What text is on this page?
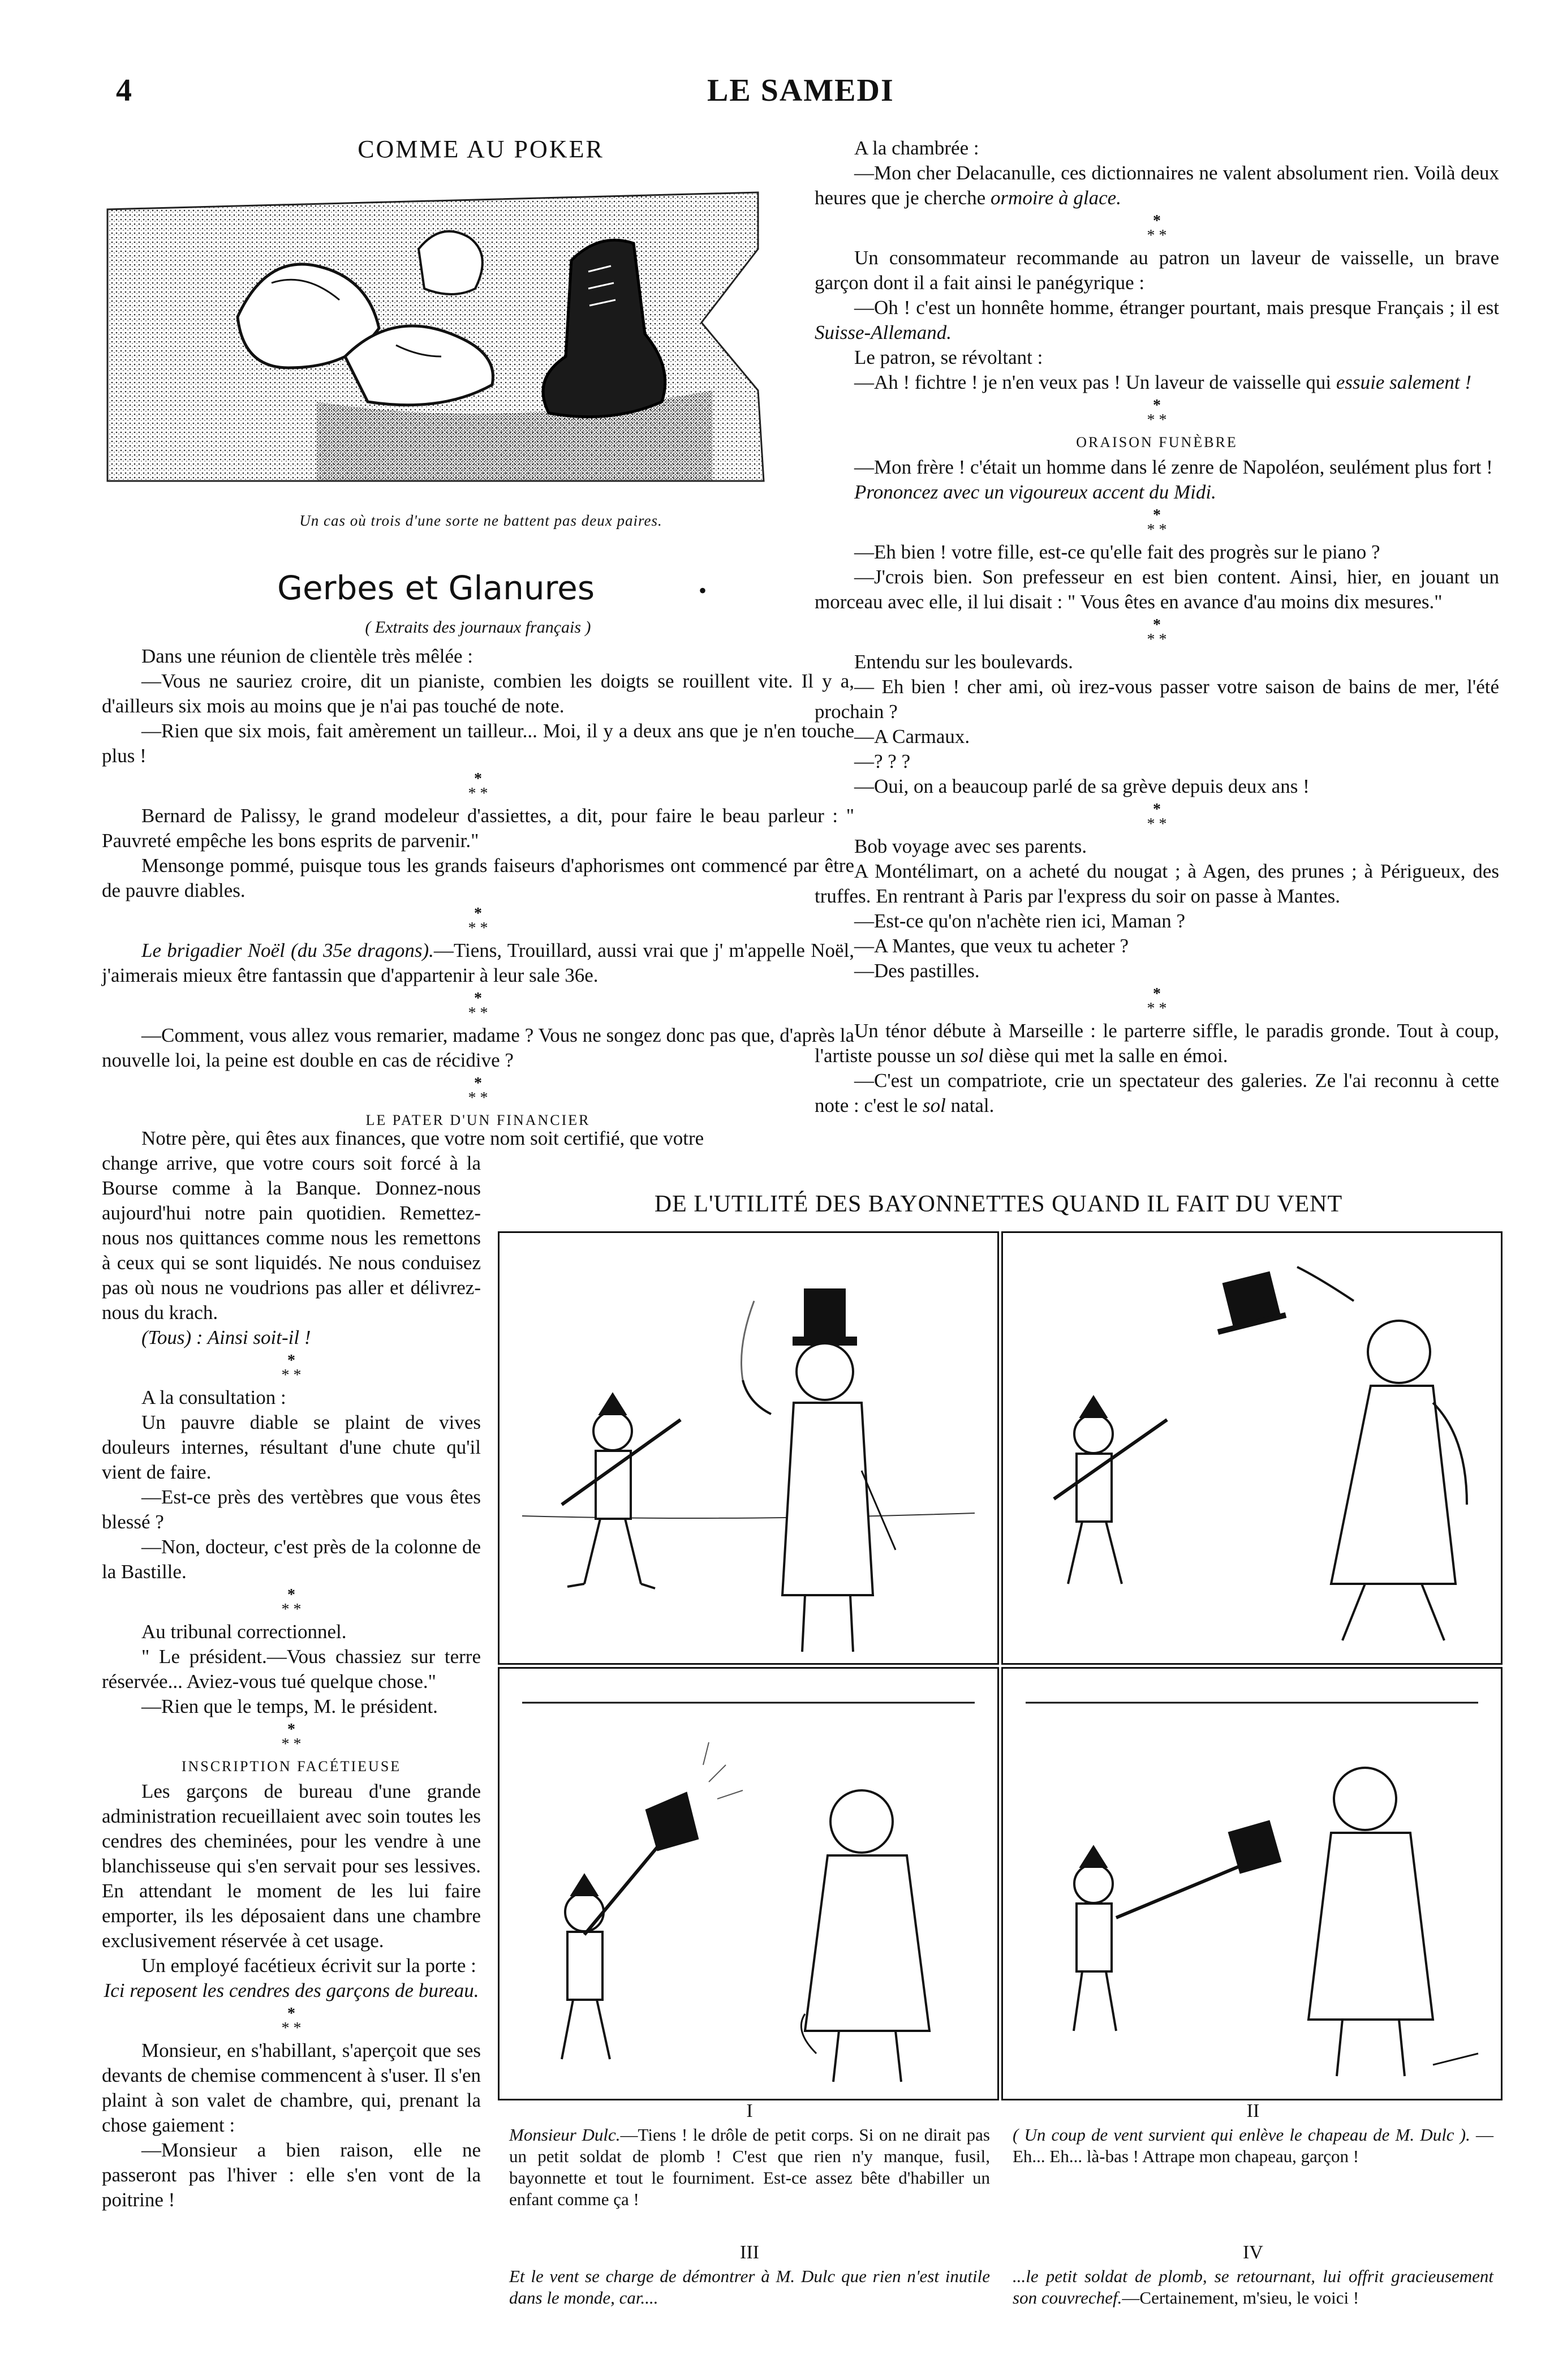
4	LE SAMEDI
COMME AU POKER
Un cas où trois d'une sorte ne battent pas deux paires.
Gerbes et Glanures	•
( Extraits des journaux français )

Dans une réunion de clientèle très mêlée :

—Vous ne sauriez croire, dit un pianiste, combien les doigts se rouillent vite. Il y a, d'ailleurs six mois au moins que je n'ai pas touché de note.

—Rien que six mois, fait amèrement un tailleur... Moi, il y a deux ans que je n'en touche plus !

*
* *

Bernard de Palissy, le grand modeleur d'assiettes, a dit, pour faire le beau parleur : " Pauvreté empêche les bons esprits de parvenir."

Mensonge pommé, puisque tous les grands faiseurs d'aphorismes ont commencé par être de pauvre diables.

*
* *

Le brigadier Noël (du 35e dragons).—Tiens, Trouillard, aussi vrai que j' m'appelle Noël, j'aimerais mieux être fantassin que d'appartenir à leur sale 36e.

*
* *

—Comment, vous allez vous remarier, madame ? Vous ne songez donc pas que, d'après la nouvelle loi, la peine est double en cas de récidive ?

*
* *

LE PATER D'UN FINANCIER

Notre père, qui êtes aux finances, que votre nom soit certifié, que votre

change arrive, que votre cours soit forcé à la Bourse comme à la Banque. Donnez-nous aujourd'hui notre pain quotidien. Remettez-nous nos quittances comme nous les remettons à ceux qui se sont liquidés. Ne nous conduisez pas où nous ne voudrions pas aller et délivrez-nous du krach.

(Tous) : Ainsi soit-il !

*
* *

A la consultation :

Un pauvre diable se plaint de vives douleurs internes, résultant d'une chute qu'il vient de faire.

—Est-ce près des vertèbres que vous êtes blessé ?

—Non, docteur, c'est près de la colonne de la Bastille.

*
* *

Au tribunal correctionnel.

" Le président.—Vous chassiez sur terre réservée... Aviez-vous tué quelque chose."

—Rien que le temps, M. le président.

*
* *

INSCRIPTION FACÉTIEUSE

Les garçons de bureau d'une grande administration recueillaient avec soin toutes les cendres des cheminées, pour les vendre à une blanchisseuse qui s'en servait pour ses lessives. En attendant le moment de les lui faire emporter, ils les déposaient dans une chambre exclusivement réservée à cet usage.

Un employé facétieux écrivit sur la porte :

Ici reposent les cendres des garçons de bureau.

*
* *

Monsieur, en s'habillant, s'aperçoit que ses devants de chemise commencent à s'user. Il s'en plaint à son valet de chambre, qui, prenant la chose gaiement :

—Monsieur a bien raison, elle ne passeront pas l'hiver : elle s'en vont de la poitrine !

A la chambrée :

—Mon cher Delacanulle, ces dictionnaires ne valent absolument rien. Voilà deux heures que je cherche ormoire à glace.

*
* *

Un consommateur recommande au patron un laveur de vaisselle, un brave garçon dont il a fait ainsi le panégyrique :

—Oh ! c'est un honnête homme, étranger pourtant, mais presque Français ; il est Suisse-Allemand.

Le patron, se révoltant :

—Ah ! fichtre ! je n'en veux pas ! Un laveur de vaisselle qui essuie salement !

*
* *

ORAISON FUNÈBRE

—Mon frère ! c'était un homme dans lé zenre de Napoléon, seulément plus fort !

Prononcez avec un vigoureux accent du Midi.

*
* *

—Eh bien ! votre fille, est-ce qu'elle fait des progrès sur le piano ?

—J'crois bien. Son prefesseur en est bien content. Ainsi, hier, en jouant un morceau avec elle, il lui disait : " Vous êtes en avance d'au moins dix mesures."

*
* *

Entendu sur les boulevards.

— Eh bien ! cher ami, où irez-vous passer votre saison de bains de mer, l'été prochain ?

—A Carmaux.

—? ? ?

—Oui, on a beaucoup parlé de sa grève depuis deux ans !

*
* *

Bob voyage avec ses parents.

A Montélimart, on a acheté du nougat ; à Agen, des prunes ; à Périgueux, des truffes. En rentrant à Paris par l'express du soir on passe à Mantes.

—Est-ce qu'on n'achète rien ici, Maman ?

—A Mantes, que veux tu acheter ?

—Des pastilles.

*
* *

Un ténor débute à Marseille : le parterre siffle, le paradis gronde. Tout à coup, l'artiste pousse un sol dièse qui met la salle en émoi.

—C'est un compatriote, crie un spectateur des galeries. Ze l'ai reconnu à cette note : c'est le sol natal.

DE L'UTILITÉ DES BAYONNETTES QUAND IL FAIT DU VENT
I
Monsieur Dulc.—Tiens ! le drôle de petit corps. Si on ne dirait pas un petit soldat de plomb ! C'est que rien n'y manque, fusil, bayonnette et tout le fourniment. Est-ce assez bête d'habiller un enfant comme ça !
II
( Un coup de vent survient qui enlève le chapeau de M. Dulc ). — Eh... Eh... là-bas ! Attrape mon chapeau, garçon !
III
Et le vent se charge de démontrer à M. Dulc que rien n'est inutile dans le monde, car....
IV
...le petit soldat de plomb, se retournant, lui offrit gracieusement son couvrechef.—Certainement, m'sieu, le voici !
